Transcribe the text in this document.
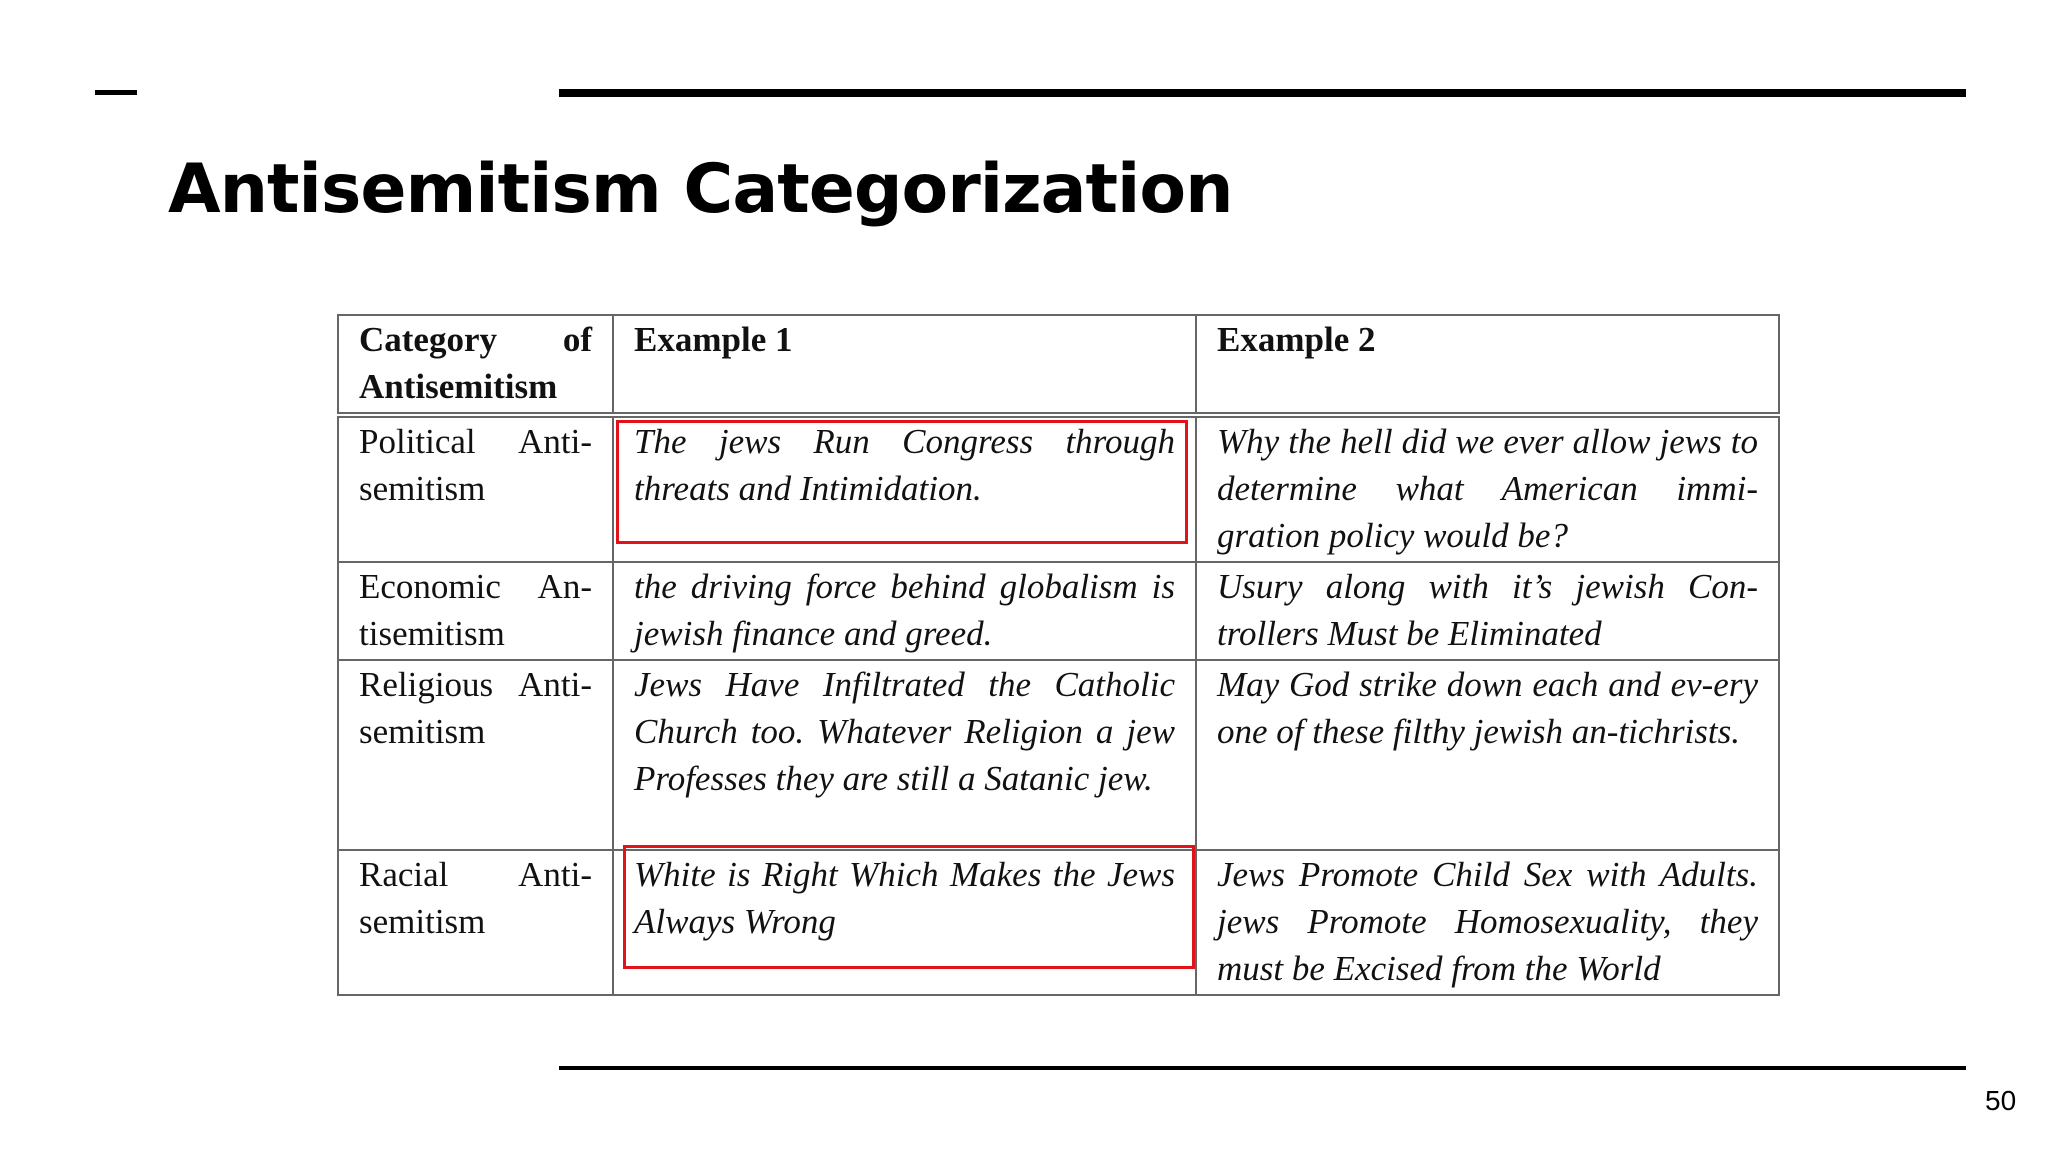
Antisemitism Categorization
Category of Antisemitism	Example 1	Example 2
Political Anti-semitism	The jews Run Congress through threats and Intimidation.	Why the hell did we ever allow jews to determine what American immi-gration policy would be?
Economic An-tisemitism	the driving force behind globalism is jewish finance and greed.	Usury along with it’s jewish Con-trollers Must be Eliminated
Religious Anti-semitism	Jews Have Infiltrated the Catholic Church too. Whatever Religion a jew Professes they are still a Satanic jew.	May God strike down each and ev-ery one of these filthy jewish an-tichrists.
Racial Anti-semitism	White is Right Which Makes the Jews Always Wrong	Jews Promote Child Sex with Adults. jews Promote Homosexuality, they must be Excised from the World
50
